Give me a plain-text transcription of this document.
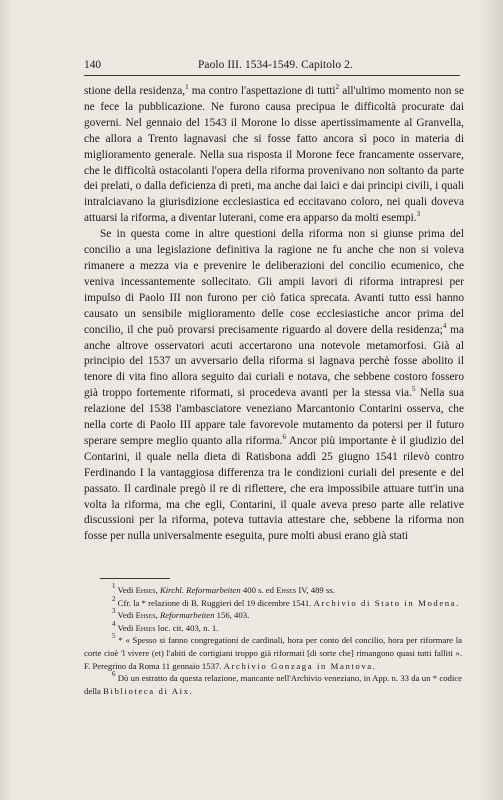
140	Paolo III. 1534-1549. Capitolo 2.

stione della residenza,$^1$ ma contro l'aspettazione di tutti$^2$ all'ultimo momento non se ne fece la pubblicazione. Ne furono causa precipua le difficoltà procurate dai governi. Nel gennaio del 1543 il Morone lo disse apertissimamente al Granvella, che allora a Trento lagnavasi che si fosse fatto ancora sì poco in materia di miglioramento generale. Nella sua risposta il Morone fece francamente osservare, che le difficoltà ostacolanti l'opera della riforma provenivano non soltanto da parte dei prelati, o dalla deficienza di preti, ma anche dai laici e dai principi civili, i quali intralciavano la giurisdizione ecclesiastica ed eccitavano coloro, nei quali doveva attuarsi la riforma, a diventar luterani, come era apparso da molti esempi.$^3$

Se in questa come in altre questioni della riforma non si giunse prima del concilio a una legislazione definitiva la ragione ne fu anche che non si voleva rimanere a mezza via e prevenire le deliberazioni del concilio ecumenico, che veniva incessantemente sollecitato. Gli ampii lavori di riforma intrapresi per impulso di Paolo III non furono per ciò fatica sprecata. Avanti tutto essi hanno causato un sensibile miglioramento delle cose ecclesiastiche ancor prima del concilio, il che può provarsi precisamente riguardo al dovere della residenza;$^4$ ma anche altrove osservatori acuti accertarono una notevole metamorfosi. Già al principio del 1537 un avversario della riforma si lagnava perchè fosse abolito il tenore di vita fino allora seguito dai curiali e notava, che sebbene costoro fossero già troppo fortemente riformati, si procedeva avanti per la stessa via.$^5$ Nella sua relazione del 1538 l'ambasciatore veneziano Marcantonio Contarini osserva, che nella corte di Paolo III appare tale favorevole mutamento da potersi per il futuro sperare sempre meglio quanto alla riforma.$^6$ Ancor più importante è il giudizio del Contarini, il quale nella dieta di Ratisbona addì 25 giugno 1541 rilevò contro Ferdinando I la vantaggiosa differenza tra le condizioni curiali del presente e del passato. Il cardinale pregò il re di riflettere, che era impossibile attuare tutt'in una volta la riforma, ma che egli, Contarini, il quale aveva preso parte alle relative discussioni per la riforma, poteva tuttavia attestare che, sebbene la riforma non fosse per nulla universalmente eseguita, pure molti abusi erano già stati

$^1$ Vedi Ehses, Kirchl. Reformarbeiten 400 s. ed Ehses IV, 489 ss.

$^2$ Cfr. la * relazione di B. Ruggieri del 19 dicembre 1541. Archivio di Stato in Modena.

$^3$ Vedi Ehses, Reformarbeiten 156, 403.

$^4$ Vedi Ehses loc. cit. 403, n. 1.

$^5$ * « Spesso si fanno congregationi de cardinali, hora per conto del concilio, hora per riformare la corte cioè 'l vivere (et) l'abiti de cortigiani troppo già riformati [di sorte che] rimangono quasi tutti falliti ». F. Peregrino da Roma 11 gennaio 1537. Archivio Gonzaga in Mantova.

$^6$ Dò un estratto da questa relazione, mancante nell'Archivio veneziano, in App. n. 33 da un * codice della Biblioteca di Aix.
